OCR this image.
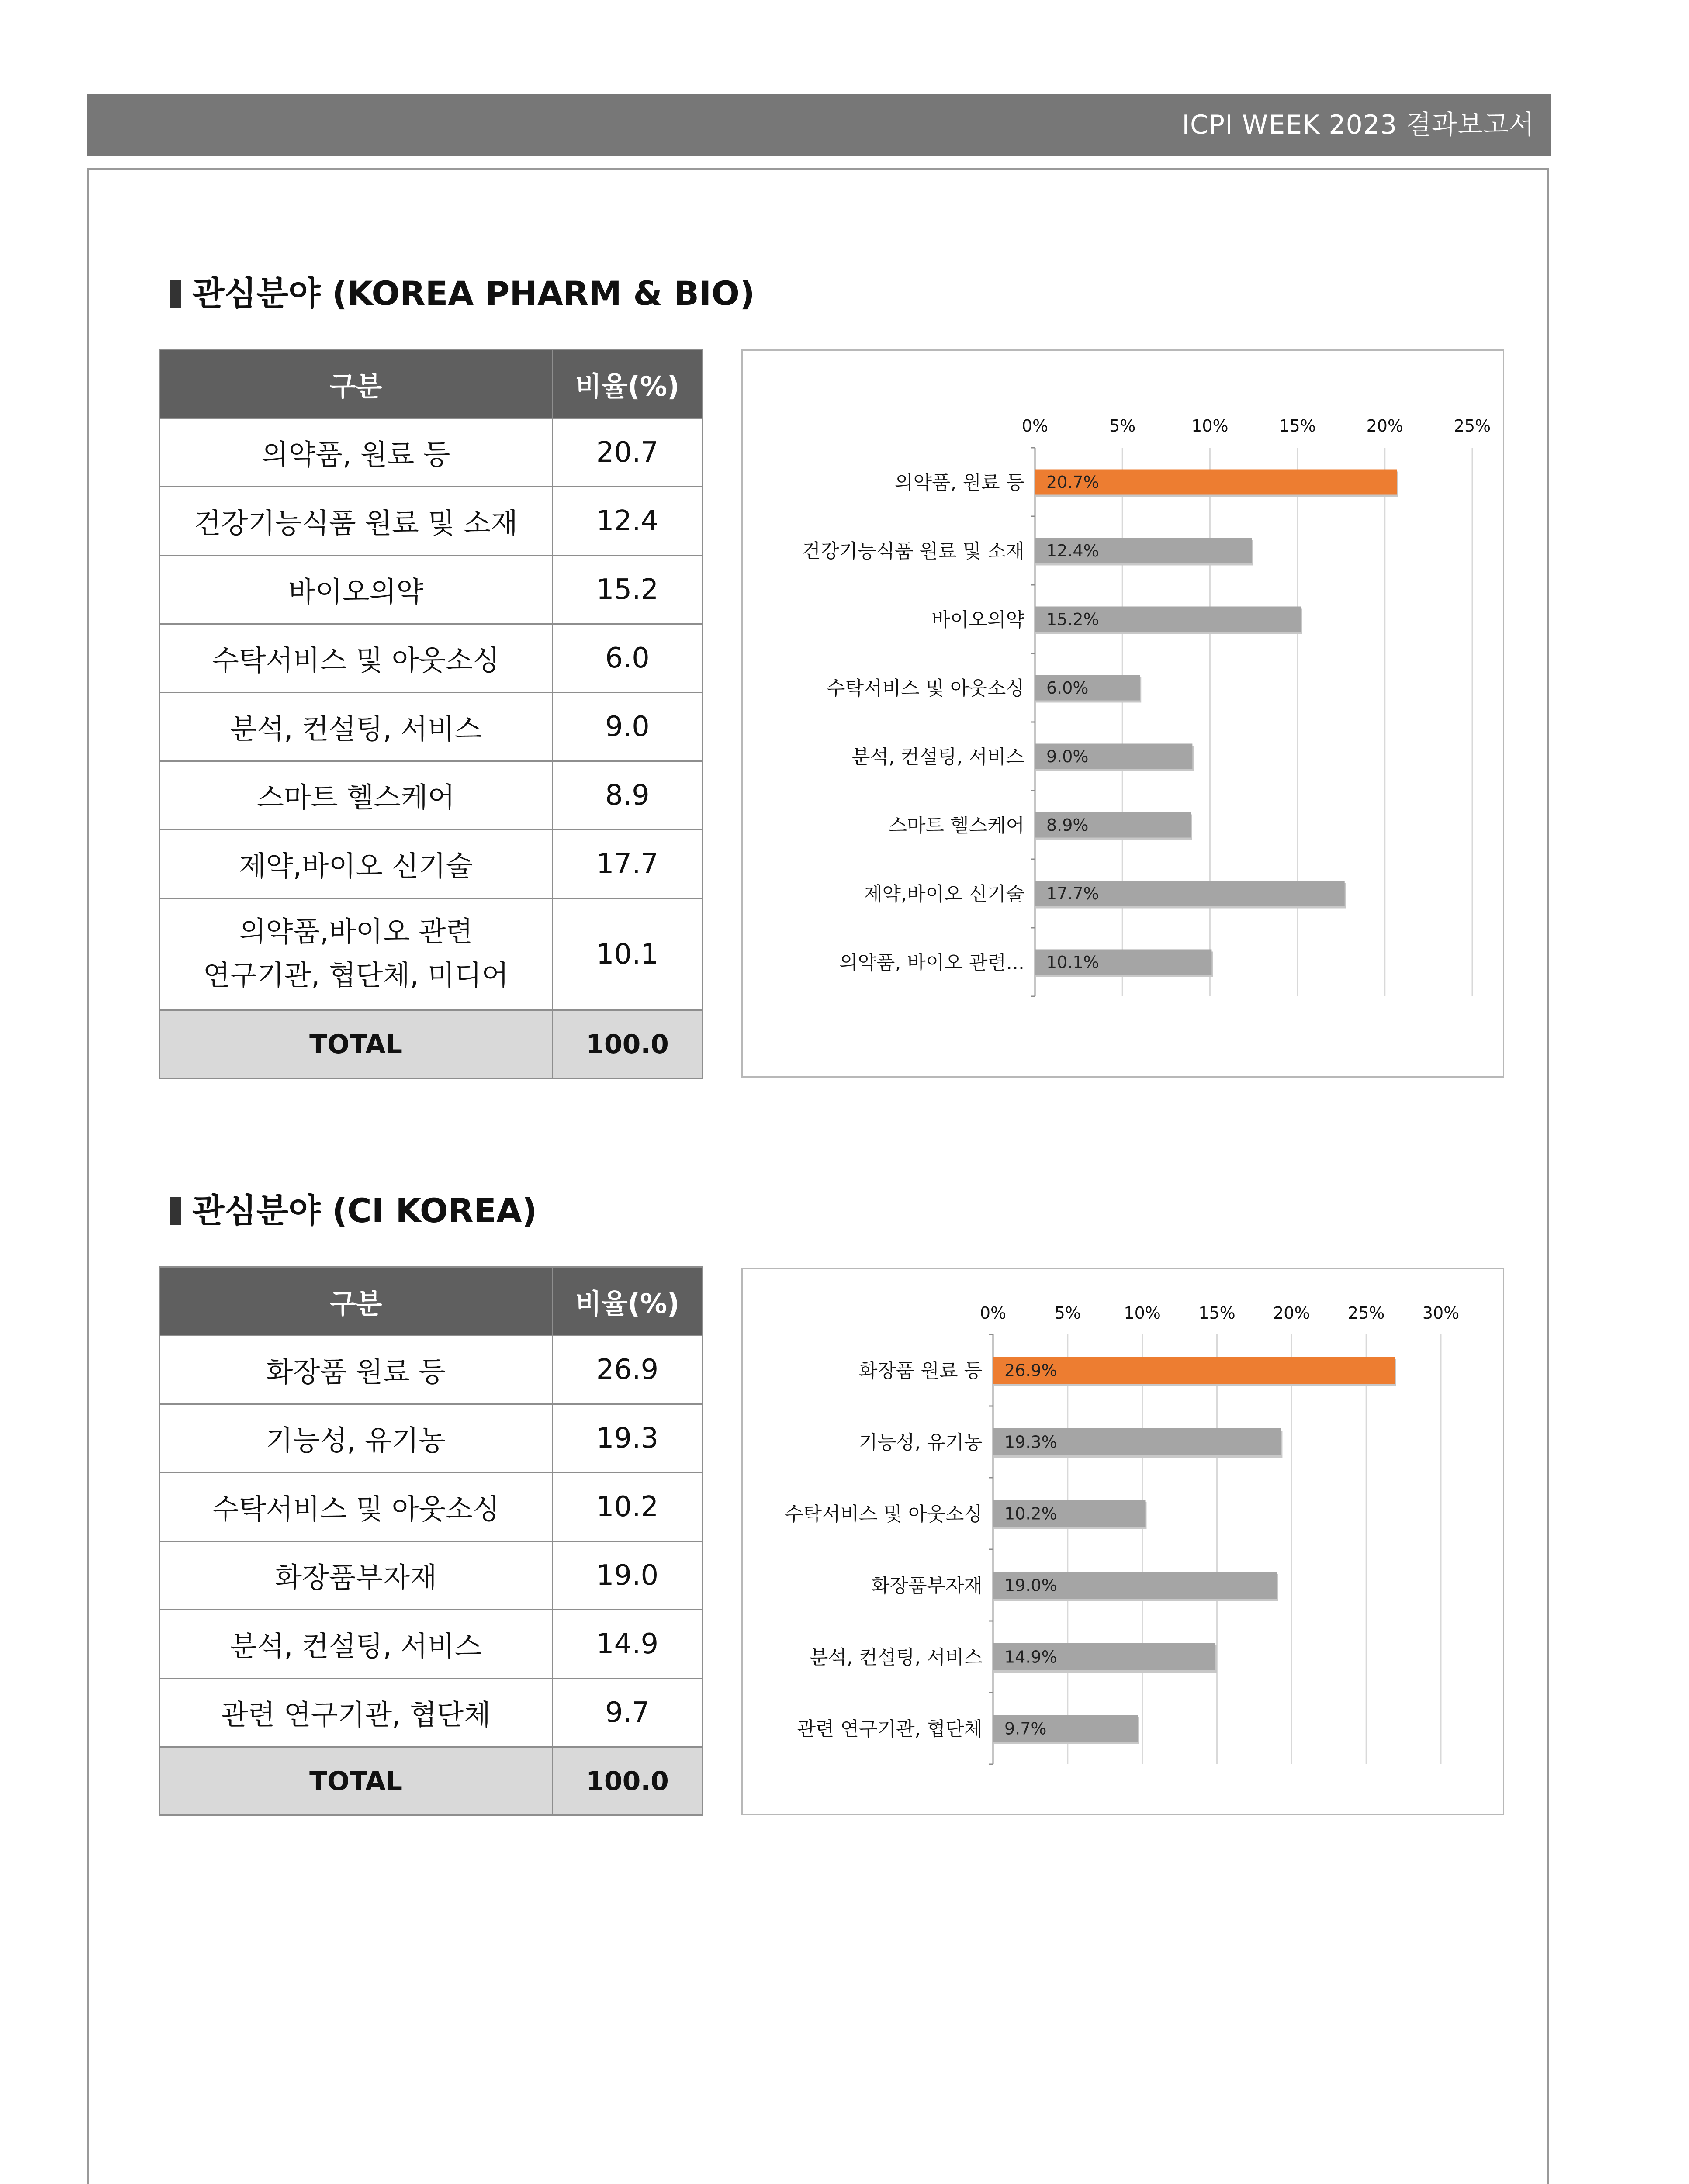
ICPI WEEK 2023 결과보고서
관심분야 (KOREA PHARM & BIO)
구분	비율(%)
의약품, 원료 등	20.7
건강기능식품 원료 및 소재	12.4
바이오의약	15.2
수탁서비스 및 아웃소싱	6.0
분석, 컨설팅, 서비스	9.0
스마트 헬스케어	8.9
제약,바이오 신기술	17.7
의약품,바이오 관련
연구기관, 협단체, 미디어	10.1
TOTAL	100.0
0%	5%	10%	15%	20%	25%
20.7%
의약품, 원료 등
12.4%
건강기능식품 원료 및 소재
15.2%
바이오의약
6.0%
수탁서비스 및 아웃소싱
9.0%
분석, 컨설팅, 서비스
8.9%
스마트 헬스케어
17.7%
제약,바이오 신기술
10.1%
의약품, 바이오 관련...
관심분야 (CI KOREA)
구분	비율(%)
화장품 원료 등	26.9
기능성, 유기농	19.3
수탁서비스 및 아웃소싱	10.2
화장품부자재	19.0
분석, 컨설팅, 서비스	14.9
관련 연구기관, 협단체	9.7
TOTAL	100.0
0%	5%	10% 15% 20% 25% 30%
26.9%
화장품 원료 등
19.3%
기능성, 유기농
10.2%
수탁서비스 및 아웃소싱
19.0%
화장품부자재
14.9%
분석, 컨설팅, 서비스
9.7%
관련 연구기관, 협단체
